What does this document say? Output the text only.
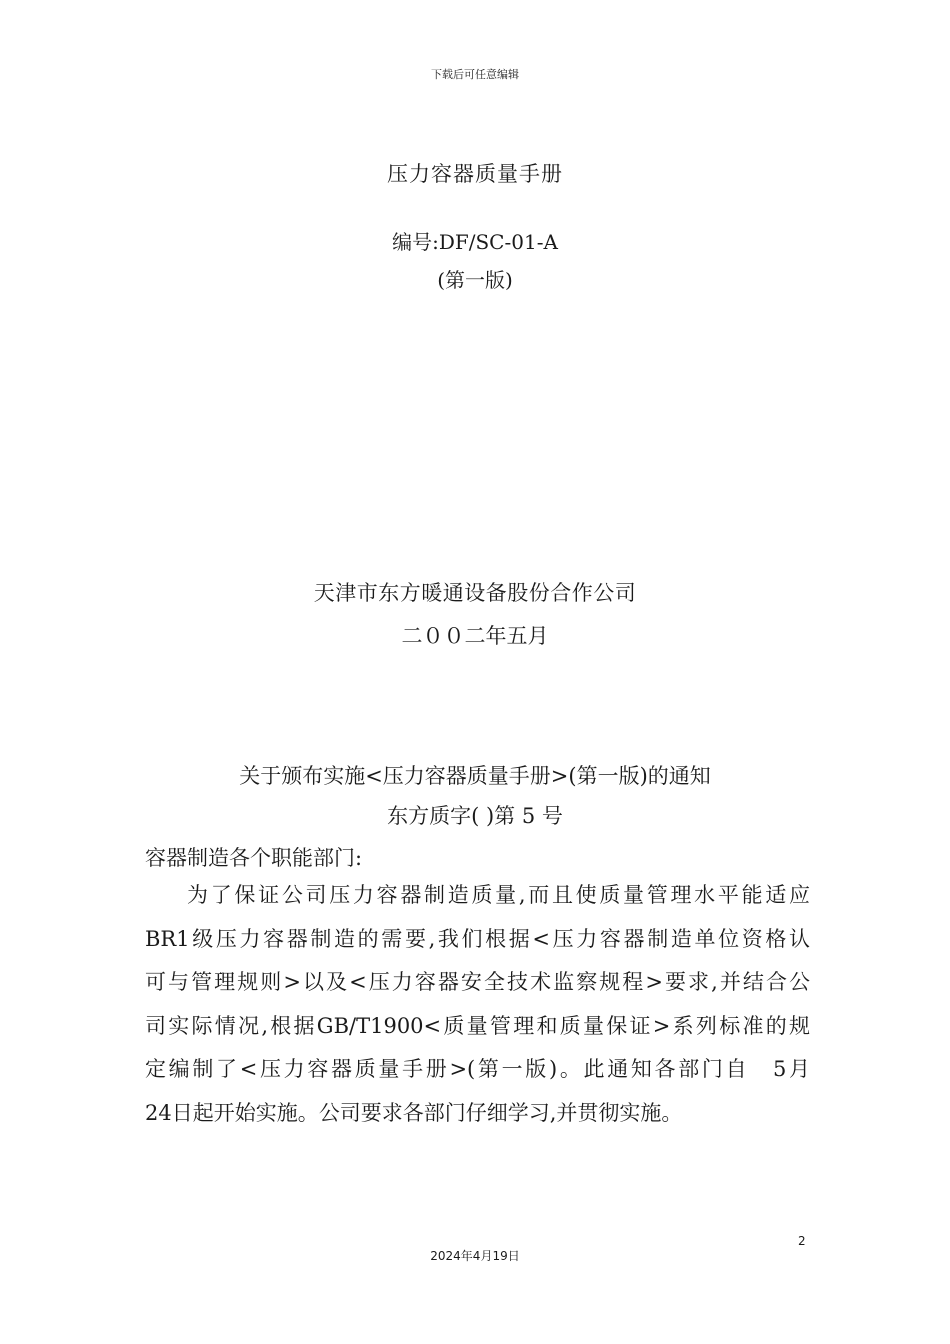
下载后可任意编辑
压力容器质量手册
编号:DF/SC-01-A
(第一版)
天津市东方暖通设备股份合作公司
二００二年五月
关于颁布实施<压力容器质量手册>(第一版)的通知
东方质字( )第 5 号
容器制造各个职能部门:
为了保证公司压力容器制造质量,而且使质量管理水平能适应
BR1级压力容器制造的需要,我们根据<压力容器制造单位资格认
可与管理规则>以及<压力容器安全技术监察规程>要求,并结合公
司实际情况,根据GB/T1900<质量管理和质量保证>系列标准的规
定编制了<压力容器质量手册>(第一版)。此通知各部门自　5月
24日起开始实施。公司要求各部门仔细学习,并贯彻实施。
2
2024年4月19日
